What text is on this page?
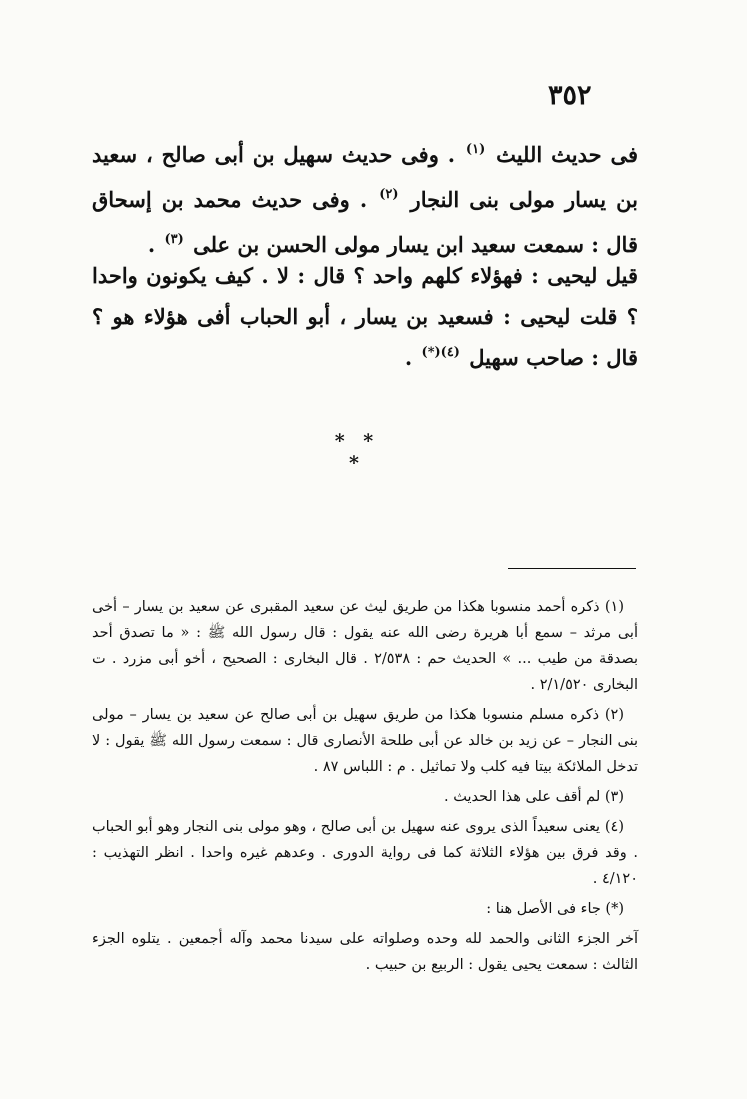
٣٥٢

فى حديث الليث $^{(١)}$ . وفى حديث سهيل بن أبى صالح ، سعيد بن يسار مولى بنى النجار $^{(٢)}$ . وفى حديث محمد بن إسحاق قال : سمعت سعيد ابن يسار مولى الحسن بن على $^{(٣)}$ .

قيل ليحيى : فهؤلاء كلهم واحد ؟ قال : لا . كيف يكونون واحدا ؟ قلت ليحيى : فسعيد بن يسار ، أبو الحباب أفى هؤلاء هو ؟ قال : صاحب سهيل $^{(٤)(*)}$ .

* * *

(١) ذكره أحمد منسوبا هكذا من طريق ليث عن سعيد المقبرى عن سعيد بن يسار – أخى أبى مرثد – سمع أبا هريرة رضى الله عنه يقول : قال رسول الله ﷺ : « ما تصدق أحد بصدقة من طيب ... » الحديث حم : ٢/٥٣٨ . قال البخارى : الصحيح ، أخو أبى مزرد . ت البخارى ٢/١/٥٢٠ .

(٢) ذكره مسلم منسوبا هكذا من طريق سهيل بن أبى صالح عن سعيد بن يسار – مولى بنى النجار – عن زيد بن خالد عن أبى طلحة الأنصارى قال : سمعت رسول الله ﷺ يقول : لا تدخل الملائكة بيتا فيه كلب ولا تماثيل . م : اللباس ٨٧ .

(٣) لم أقف على هذا الحديث .

(٤) يعنى سعيداً الذى يروى عنه سهيل بن أبى صالح ، وهو مولى بنى النجار وهو أبو الحباب . وقد فرق بين هؤلاء الثلاثة كما فى رواية الدورى . وعدهم غيره واحدا . انظر التهذيب : ٤/١٢٠ .

(*) جاء فى الأصل هنا :

آخر الجزء الثانى والحمد لله وحده وصلواته على سيدنا محمد وآله أجمعين . يتلوه الجزء الثالث : سمعت يحيى يقول : الربيع بن حبيب .
